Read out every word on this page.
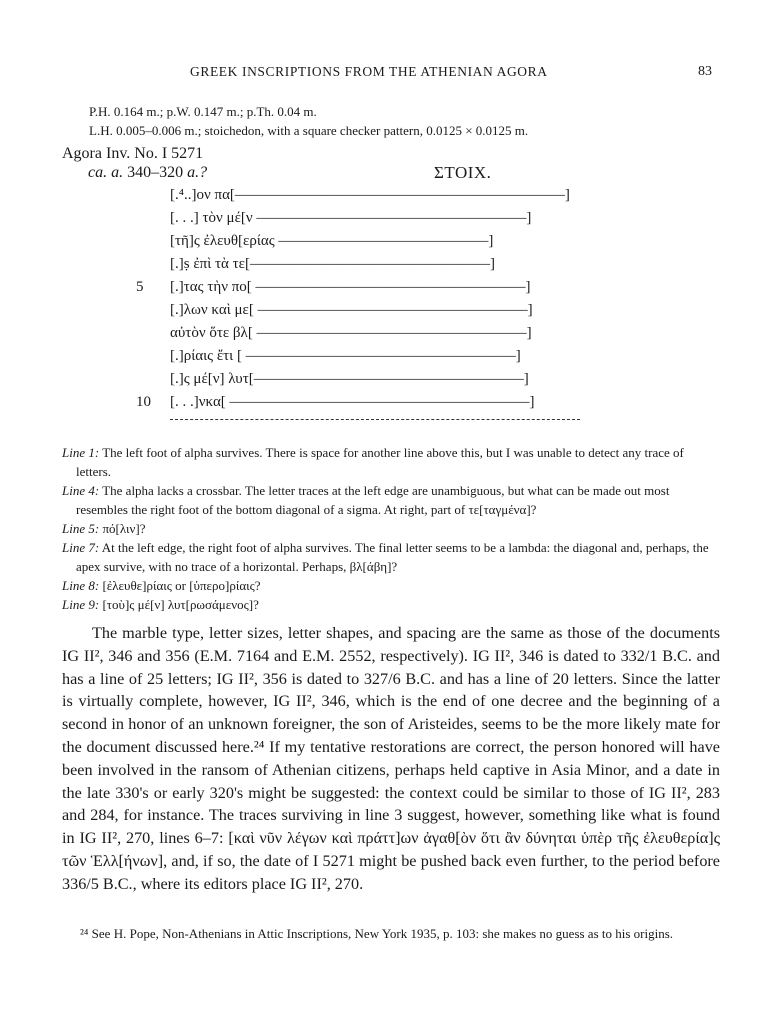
GREEK INSCRIPTIONS FROM THE ATHENIAN AGORA	83
P.H. 0.164 m.; p.W. 0.147 m.; p.Th. 0.04 m.
L.H. 0.005–0.006 m.; stoichedon, with a square checker pattern, 0.0125 × 0.0125 m.
Agora Inv. No. I 5271
ca. a. 340–320 a.?	ΣΤΟΙΧ.
[.⁴..]ον πα[——————————————————————]
[. . .] τὸν μέ[ν ——————————————————]
[τῆ]ς ἐλευθ[ερίας ——————————————]
[.]ṣ ἐπὶ τὰ τε[————————————————]
[.]τας τὴν πο[ ——————————————————]
[.]λων καὶ με[ ——————————————————]
αὐτὸν ὅτε βλ[ ——————————————————]
[.]ρίαις ἔτι [ ——————————————————]
[.]ς μέ[ν] λυτ[——————————————————]
[. . .]νκα[ ————————————————————]
5
10

Line 1: The left foot of alpha survives. There is space for another line above this, but I was unable to detect any trace of letters.

Line 4: The alpha lacks a crossbar. The letter traces at the left edge are unambiguous, but what can be made out most resembles the right foot of the bottom diagonal of a sigma. At right, part of τε[ταγμένα]?

Line 5: πό[λιν]?

Line 7: At the left edge, the right foot of alpha survives. The final letter seems to be a lambda: the diagonal and, perhaps, the apex survive, with no trace of a horizontal. Perhaps, βλ[άβη]?

Line 8: [ἐλευθε]ρίαις or [ὑπερο]ρίαις?

Line 9: [τοὺ]ς μέ[ν] λυτ[ρωσάμενος]?

The marble type, letter sizes, letter shapes, and spacing are the same as those of the documents IG II², 346 and 356 (E.M. 7164 and E.M. 2552, respectively). IG II², 346 is dated to 332/1 B.C. and has a line of 25 letters; IG II², 356 is dated to 327/6 B.C. and has a line of 20 letters. Since the latter is virtually complete, however, IG II², 346, which is the end of one decree and the beginning of a second in honor of an unknown foreigner, the son of Aristeides, seems to be the more likely mate for the document discussed here.²⁴ If my tentative restorations are correct, the person honored will have been involved in the ransom of Athenian citizens, perhaps held captive in Asia Minor, and a date in the late 330's or early 320's might be suggested: the context could be similar to those of IG II², 283 and 284, for instance. The traces surviving in line 3 suggest, however, something like what is found in IG II², 270, lines 6–7: [καὶ νῦν λέγων καὶ πράττ]ων ἀγαθ[ὸν ὅτι ἂν δύνηται ὑπὲρ τῆς ἐλευθερία]ς τῶν Ἑλλ[ήνων], and, if so, the date of I 5271 might be pushed back even further, to the period before 336/5 B.C., where its editors place IG II², 270.

²⁴ See H. Pope, Non-Athenians in Attic Inscriptions, New York 1935, p. 103: she makes no guess as to his origins.
